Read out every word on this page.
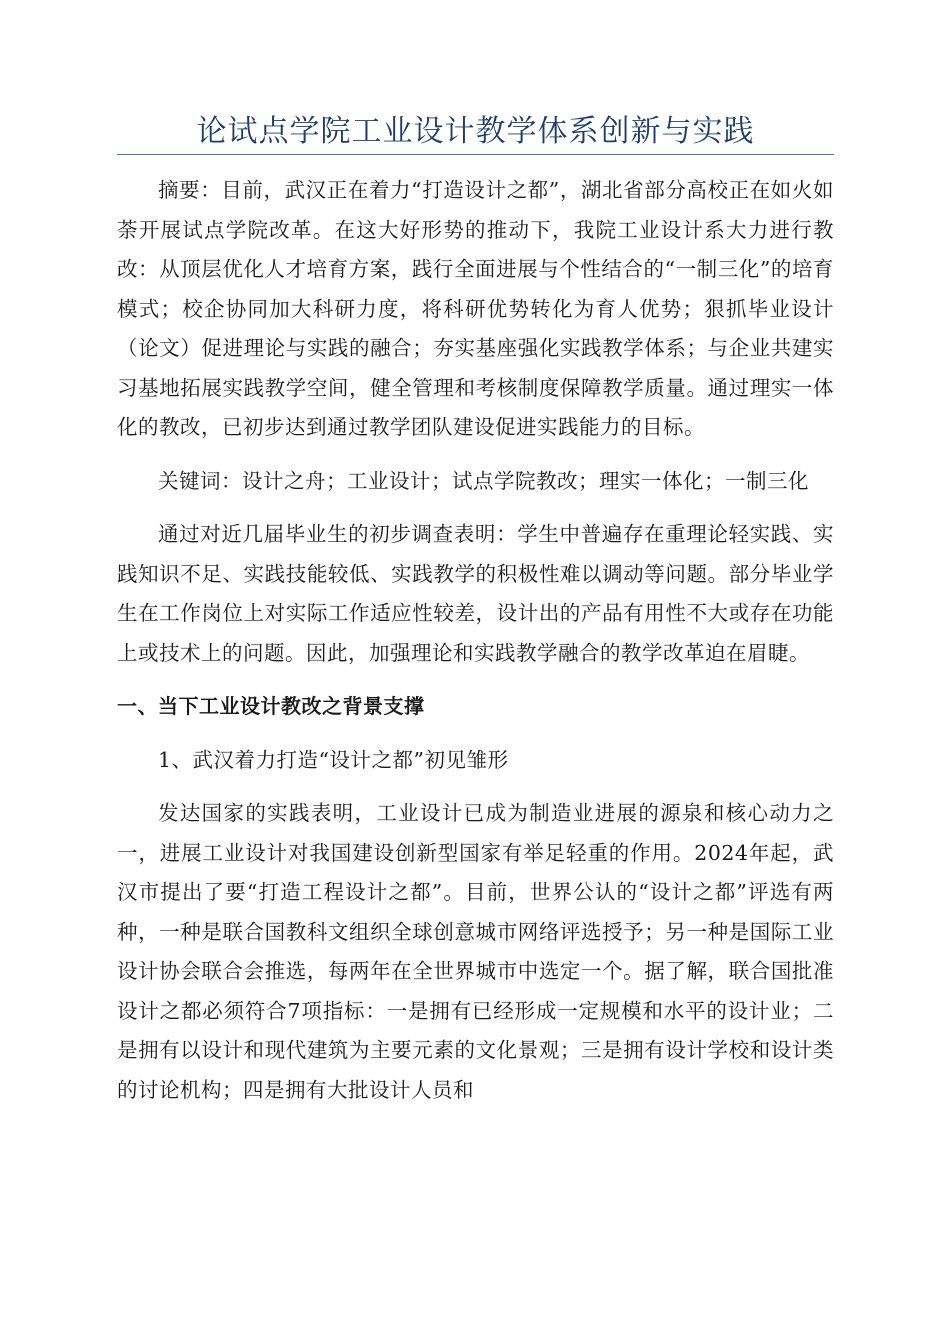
论试点学院工业设计教学体系创新与实践

摘要：目前，武汉正在着力“打造设计之都”，湖北省部分高校正在如火如荼开展试点学院改革。在这大好形势的推动下，我院工业设计系大力进行教改：从顶层优化人才培育方案，践行全面进展与个性结合的“一制三化”的培育模式；校企协同加大科研力度，将科研优势转化为育人优势；狠抓毕业设计（论文）促进理论与实践的融合；夯实基座强化实践教学体系；与企业共建实习基地拓展实践教学空间，健全管理和考核制度保障教学质量。通过理实一体化的教改，已初步达到通过教学团队建设促进实践能力的目标。

关键词：设计之舟；工业设计；试点学院教改；理实一体化；一制三化

通过对近几届毕业生的初步调查表明：学生中普遍存在重理论轻实践、实践知识不足、实践技能较低、实践教学的积极性难以调动等问题。部分毕业学生在工作岗位上对实际工作适应性较差，设计出的产品有用性不大或存在功能上或技术上的问题。因此，加强理论和实践教学融合的教学改革迫在眉睫。

一、当下工业设计教改之背景支撑

1、武汉着力打造“设计之都”初见雏形

发达国家的实践表明，工业设计已成为制造业进展的源泉和核心动力之一，进展工业设计对我国建设创新型国家有举足轻重的作用。2024年起，武汉市提出了要“打造工程设计之都”。目前，世界公认的“设计之都”评选有两种，一种是联合国教科文组织全球创意城市网络评选授予；另一种是国际工业设计协会联合会推选，每两年在全世界城市中选定一个。据了解，联合国批准设计之都必须符合7项指标：一是拥有已经形成一定规模和水平的设计业；二是拥有以设计和现代建筑为主要元素的文化景观；三是拥有设计学校和设计类的讨论机构；四是拥有大批设计人员和
